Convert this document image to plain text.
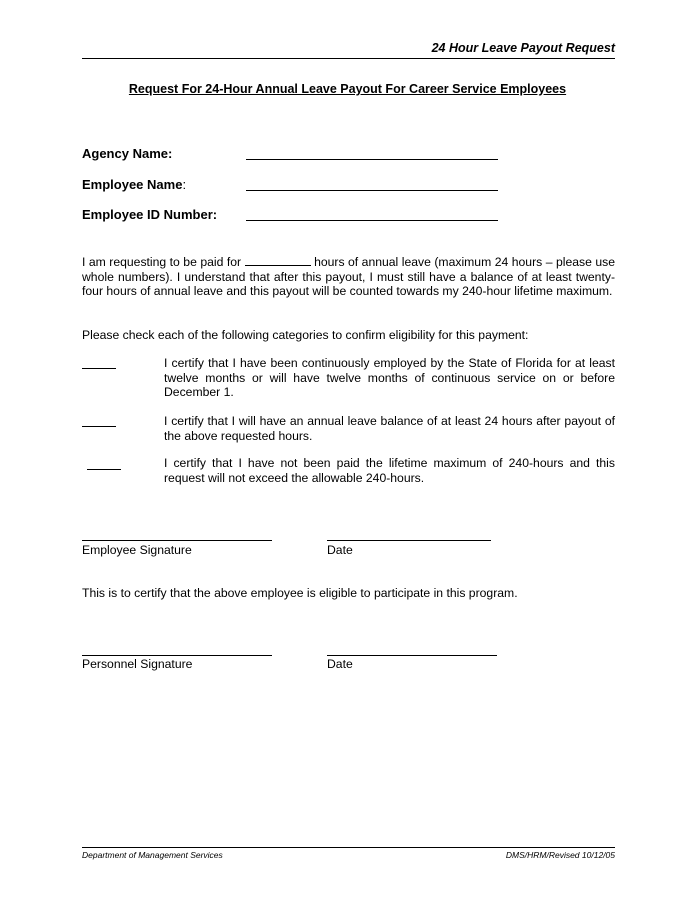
24 Hour Leave Payout Request
Request For 24-Hour Annual Leave Payout For Career Service Employees
Agency Name:
Employee Name:
Employee ID Number:
I am requesting to be paid for	hours of annual leave (maximum 24 hours – please use whole numbers). I understand that after this payout, I must still have a balance of at least twenty-four hours of annual leave and this payout will be counted towards my 240-hour lifetime maximum.
Please check each of the following categories to confirm eligibility for this payment:
I certify that I have been continuously employed by the State of Florida for at least twelve months or will have twelve months of continuous service on or before December 1.
I certify that I will have an annual leave balance of at least 24 hours after payout of the above requested hours.
I certify that I have not been paid the lifetime maximum of 240-hours and this request will not exceed the allowable 240-hours.
Employee Signature	Date
This is to certify that the above employee is eligible to participate in this program.
Personnel Signature	Date
Department of Management Services	DMS/HRM/Revised 10/12/05
